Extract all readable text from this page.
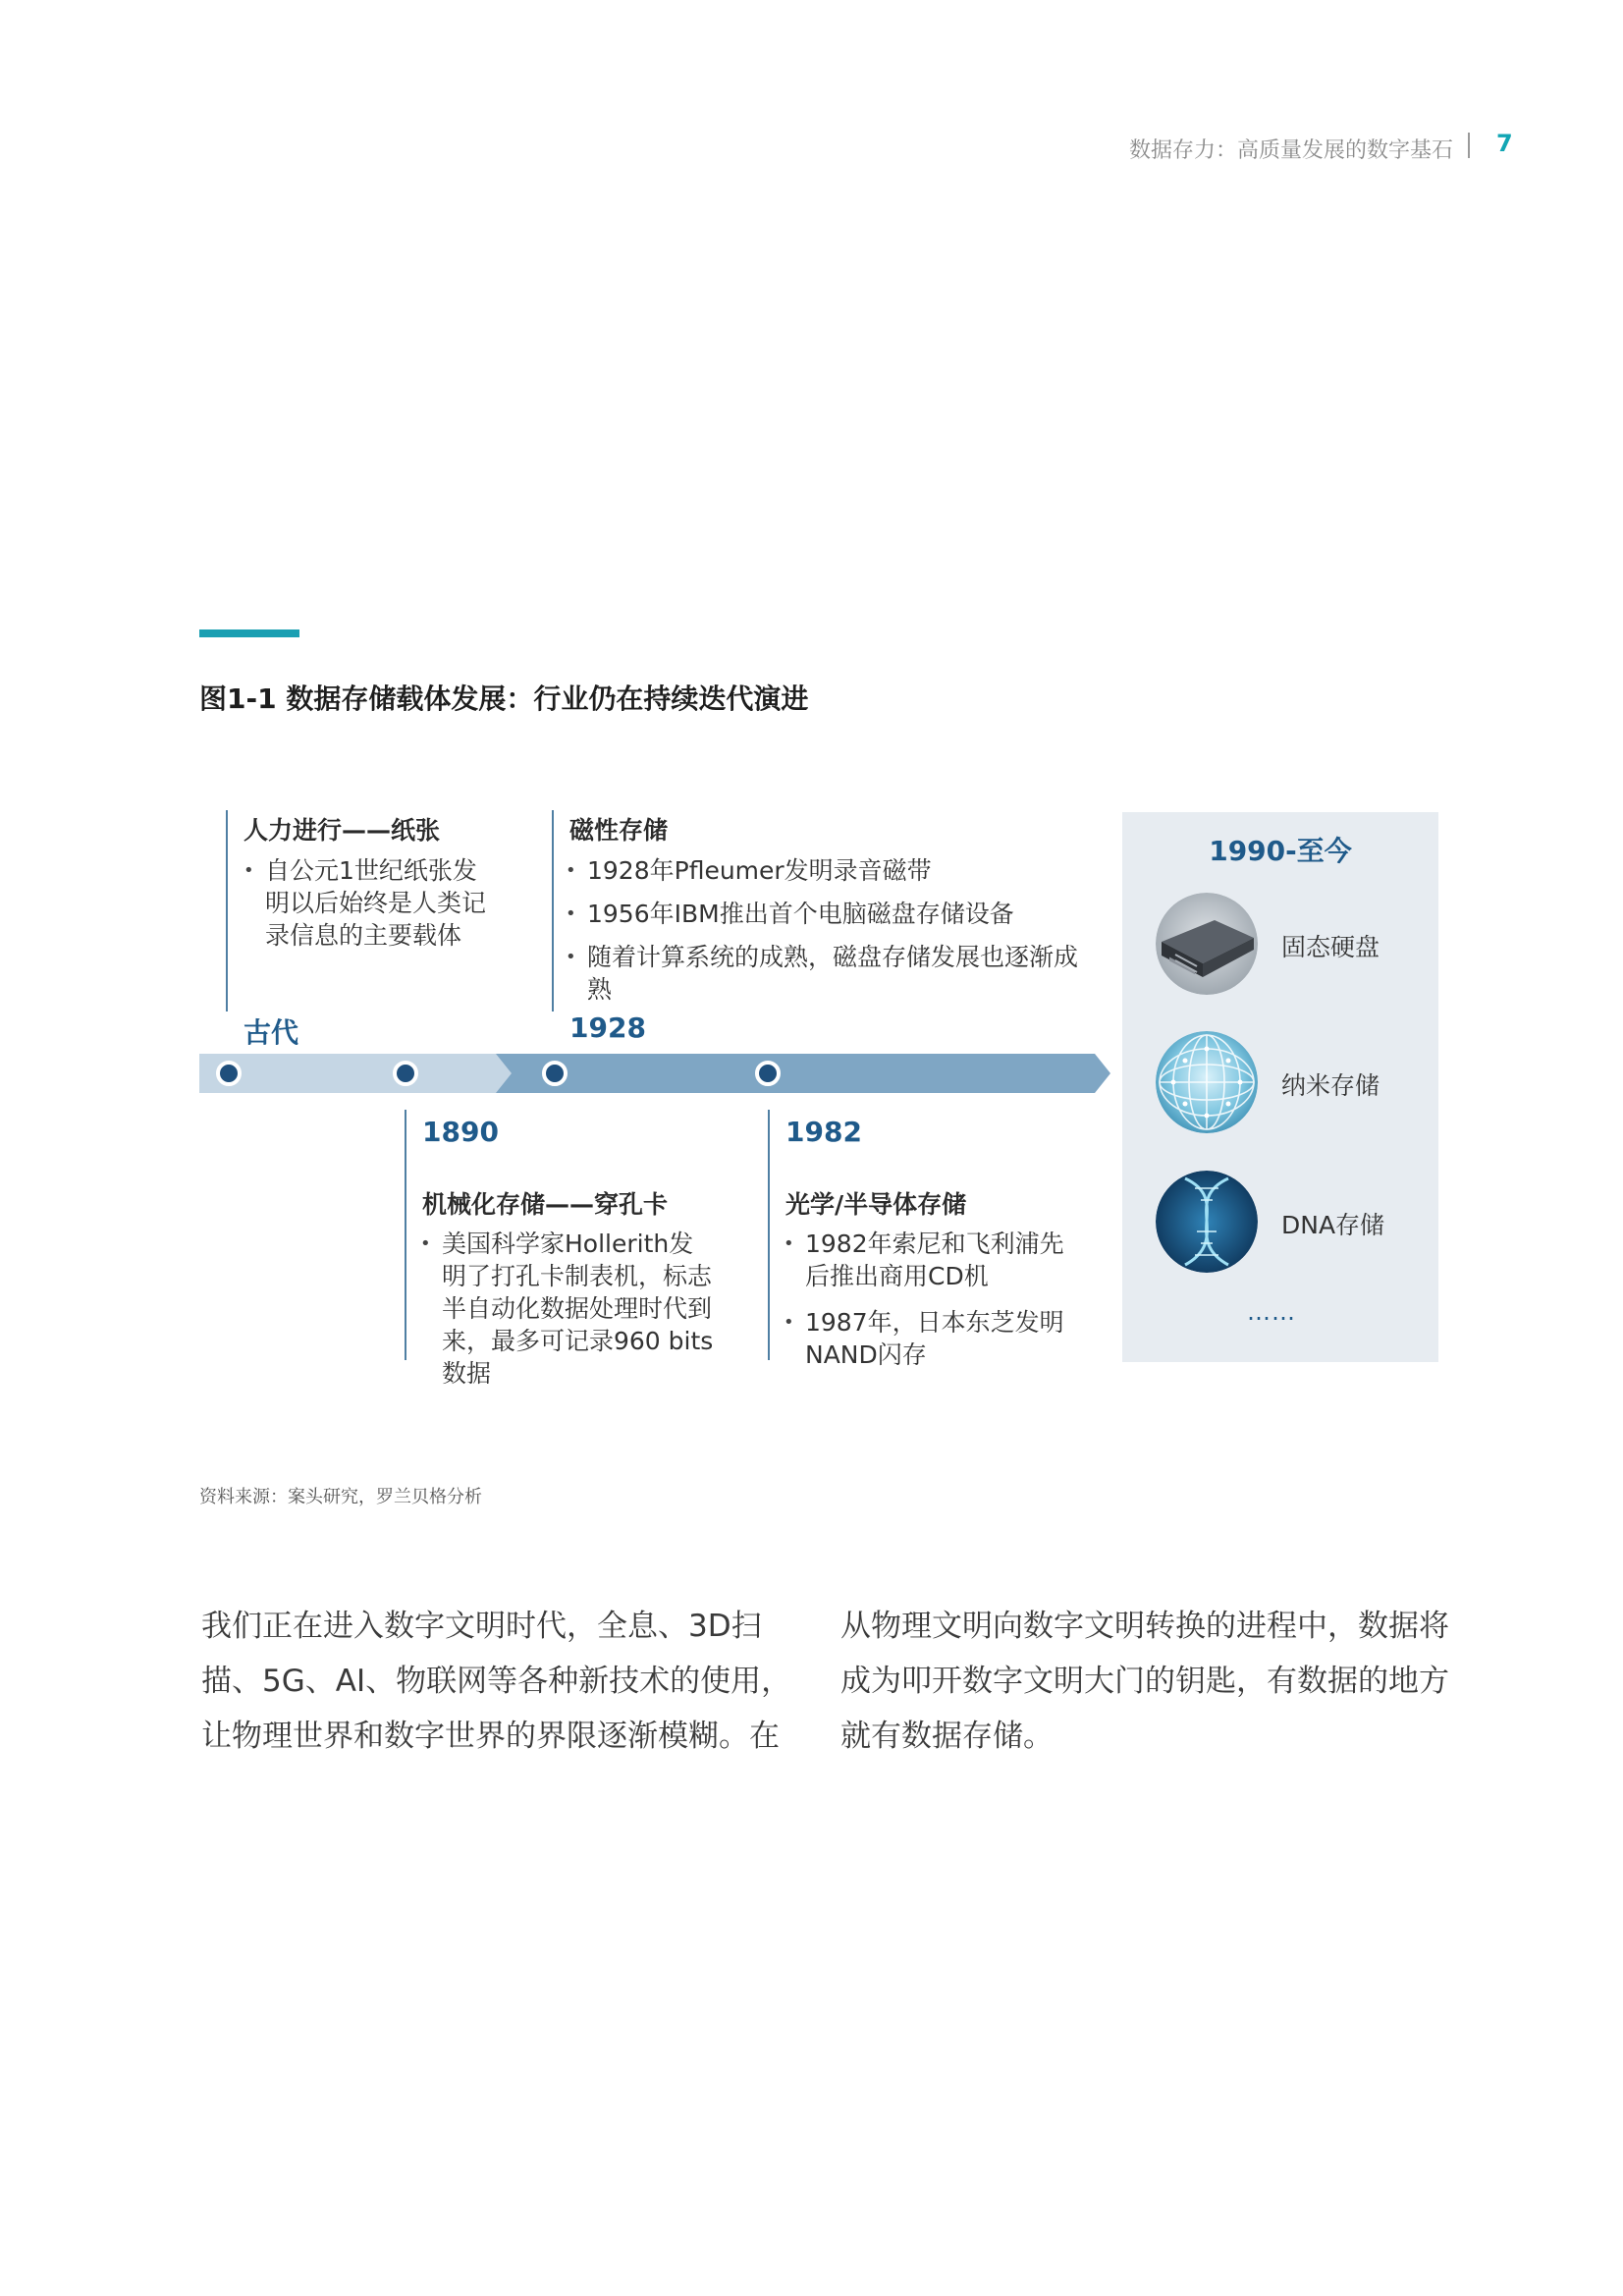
数据存力：高质量发展的数字基石 7
图1-1 数据存储载体发展：行业仍在持续迭代演进
人力进行——纸张
• 自公元1世纪纸张发明以后始终是人类记录信息的主要载体
古代
磁性存储
• 1928年Pfleumer发明录音磁带
• 1956年IBM推出首个电脑磁盘存储设备
• 随着计算系统的成熟，磁盘存储发展也逐渐成熟
1928
1890
机械化存储——穿孔卡
• 美国科学家Hollerith发明了打孔卡制表机，标志半自动化数据处理时代到来，最多可记录960 bits数据
1982
光学/半导体存储
• 1982年索尼和飞利浦先后推出商用CD机
• 1987年，日本东芝发明NAND闪存
1990-至今
固态硬盘
纳米存储
DNA存储
……
资料来源：案头研究，罗兰贝格分析
我们正在进入数字文明时代，全息、3D扫描、5G、AI、物联网等各种新技术的使用，让物理世界和数字世界的界限逐渐模糊。在
从物理文明向数字文明转换的进程中，数据将成为叩开数字文明大门的钥匙，有数据的地方就有数据存储。
